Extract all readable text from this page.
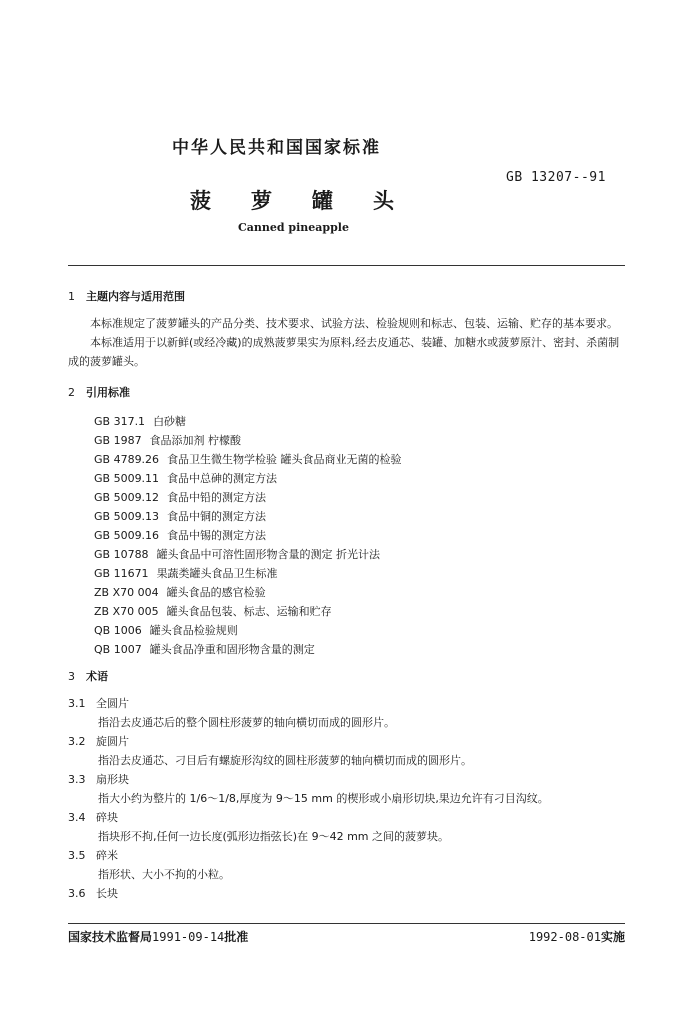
中华人民共和国国家标准
GB 13207--91
菠萝罐头
Canned pineapple
1 主题内容与适用范围
本标准规定了菠萝罐头的产品分类、技术要求、试验方法、检验规则和标志、包装、运输、贮存的基本要求。
本标准适用于以新鲜(或经冷藏)的成熟菠萝果实为原料,经去皮通芯、装罐、加糖水或菠萝原汁、密封、杀菌制成的菠萝罐头。
2 引用标准
GB 317.1 白砂糖
GB 1987 食品添加剂 柠檬酸
GB 4789.26 食品卫生微生物学检验 罐头食品商业无菌的检验
GB 5009.11 食品中总砷的测定方法
GB 5009.12 食品中铅的测定方法
GB 5009.13 食品中铜的测定方法
GB 5009.16 食品中锡的测定方法
GB 10788 罐头食品中可溶性固形物含量的测定 折光计法
GB 11671 果蔬类罐头食品卫生标准
ZB X70 004 罐头食品的感官检验
ZB X70 005 罐头食品包装、标志、运输和贮存
QB 1006 罐头食品检验规则
QB 1007 罐头食品净重和固形物含量的测定
3 术语
3.1 全圆片
指沿去皮通芯后的整个圆柱形菠萝的轴向横切而成的圆形片。
3.2 旋圆片
指沿去皮通芯、刁目后有螺旋形沟纹的圆柱形菠萝的轴向横切而成的圆形片。
3.3 扇形块
指大小约为整片的 1/6～1/8,厚度为 9～15 mm 的楔形或小扇形切块,果边允许有刁目沟纹。
3.4 碎块
指块形不拘,任何一边长度(弧形边指弦长)在 9～42 mm 之间的菠萝块。
3.5 碎米
指形状、大小不拘的小粒。
3.6 长块
国家技术监督局1991-09-14批准	1992-08-01实施
